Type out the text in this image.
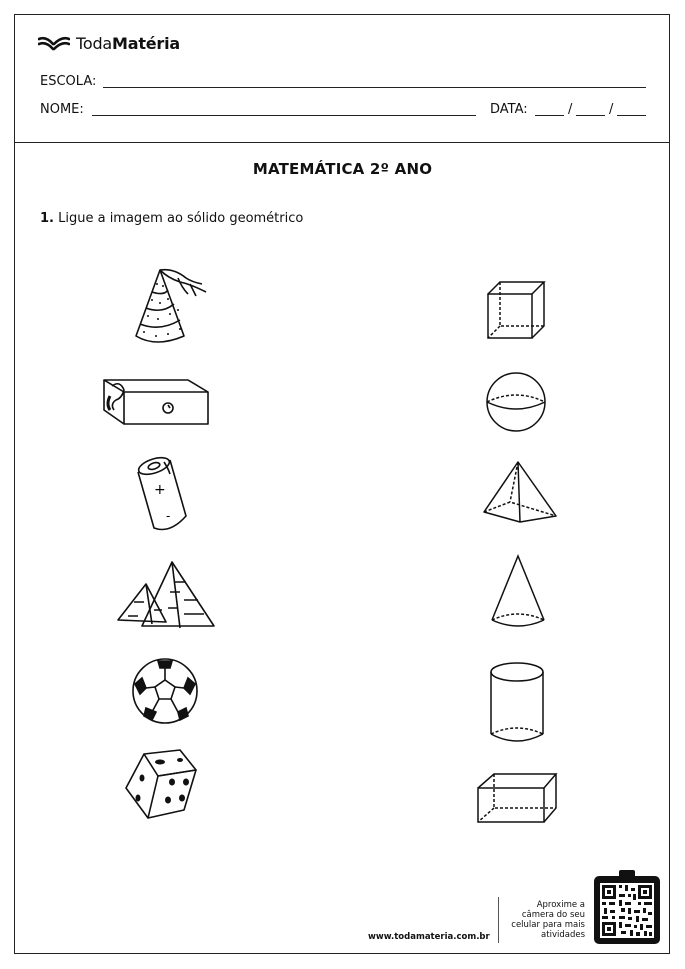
TodaMatéria
ESCOLA:
NOME:	DATA:	/	/
MATEMÁTICA 2º ANO
1. Ligue a imagem ao sólido geométrico
+
-
www.todamateria.com.br
Aproxime a
câmera do seu
celular para mais
atividades
